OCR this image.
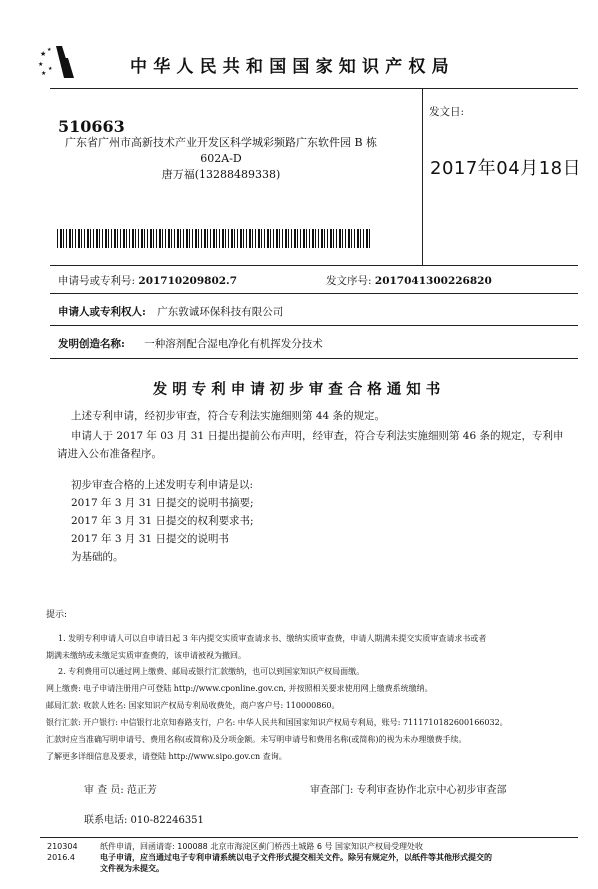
★
★
★
★
★	中华人民共和国国家知识产权局
510663
广东省广州市高新技术产业开发区科学城彩频路广东软件园 B 栋
602A-D
唐万福(13288489338)
发文日:
2017年04月18日
申请号或专利号: 201710209802.7	发文序号: 2017041300226820
申请人或专利权人: 广东敦诚环保科技有限公司
发明创造名称: 一种溶剂配合湿电净化有机挥发分技术
发明专利申请初步审查合格通知书
上述专利申请，经初步审查，符合专利法实施细则第 44 条的规定。
申请人于 2017 年 03 月 31 日提出提前公布声明，经审查，符合专利法实施细则第 46 条的规定，专利申
请进入公布准备程序。
初步审查合格的上述发明专利申请是以:
2017 年 3 月 31 日提交的说明书摘要;
2017 年 3 月 31 日提交的权利要求书;
2017 年 3 月 31 日提交的说明书
为基础的。
提示:
1. 发明专利申请人可以自申请日起 3 年内提交实质审查请求书、缴纳实质审查费，申请人期满未提交实质审查请求书或者
期满未缴纳或未缴足实质审查费的，该申请被视为撤回。
2. 专利费用可以通过网上缴费、邮局或银行汇款缴纳，也可以到国家知识产权局面缴。
网上缴费: 电子申请注册用户可登陆 http://www.cponline.gov.cn, 并按照相关要求使用网上缴费系统缴纳。
邮局汇款: 收款人姓名: 国家知识产权局专利局收费处，商户客户号: 110000860。
银行汇款: 开户银行: 中信银行北京知春路支行，户名: 中华人民共和国国家知识产权局专利局，账号: 7111710182600166032。
汇款时应当准确写明申请号、费用名称(或简称)及分项金额。未写明申请号和费用名称(或简称)的视为未办理缴费手续。
了解更多详细信息及要求，请登陆 http://www.sipo.gov.cn 查询。
审 查 员: 范正芳	审查部门: 专利审查协作北京中心初步审查部
联系电话: 010-82246351
210304
2016.4
纸件申请，回函请寄: 100088 北京市海淀区蓟门桥西土城路 6 号 国家知识产权局受理处收
电子申请，应当通过电子专利申请系统以电子文件形式提交相关文件。除另有规定外，以纸件等其他形式提交的
文件视为未提交。
